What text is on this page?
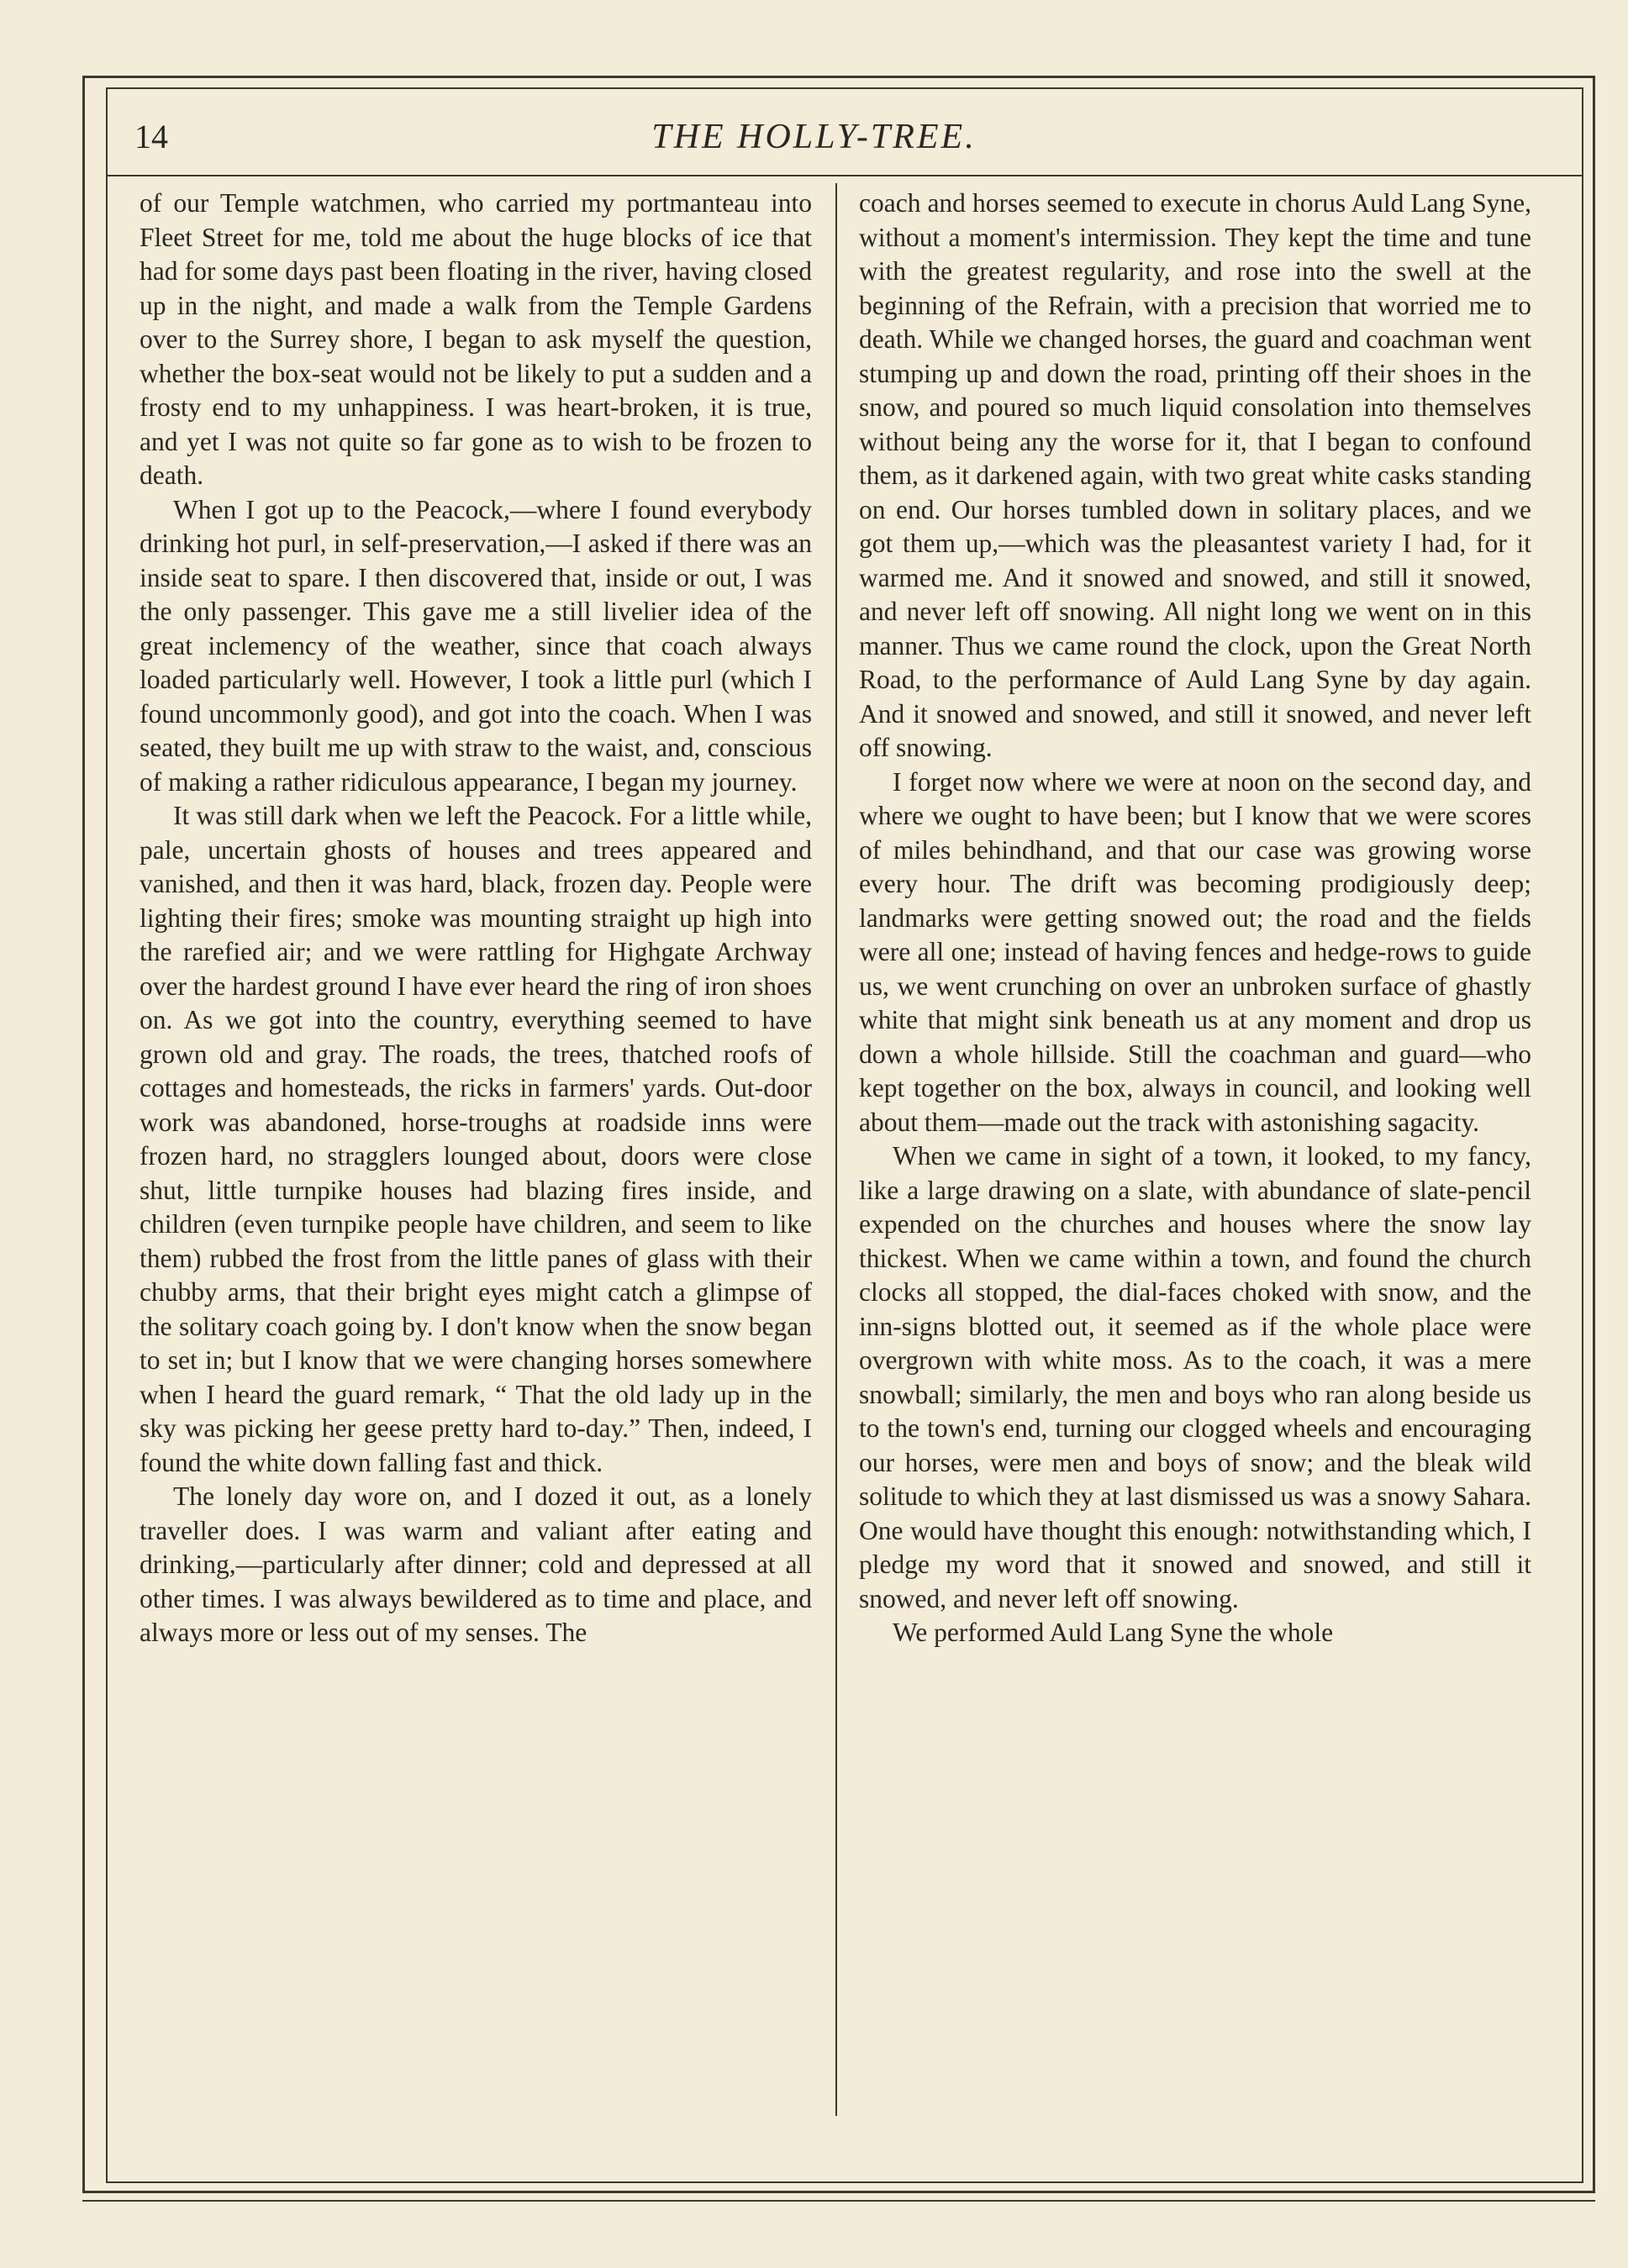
14	THE HOLLY-TREE.

of our Temple watchmen, who carried my portmanteau into Fleet Street for me, told me about the huge blocks of ice that had for some days past been floating in the river, having closed up in the night, and made a walk from the Temple Gardens over to the Surrey shore, I began to ask myself the question, whether the box-seat would not be likely to put a sudden and a frosty end to my unhappiness. I was heart-broken, it is true, and yet I was not quite so far gone as to wish to be frozen to death.

When I got up to the Peacock,—where I found everybody drinking hot purl, in self-preservation,—I asked if there was an inside seat to spare. I then discovered that, inside or out, I was the only passenger. This gave me a still livelier idea of the great inclemency of the weather, since that coach always loaded particularly well. However, I took a little purl (which I found uncommonly good), and got into the coach. When I was seated, they built me up with straw to the waist, and, conscious of making a rather ridiculous appearance, I began my journey.

It was still dark when we left the Peacock. For a little while, pale, uncertain ghosts of houses and trees appeared and vanished, and then it was hard, black, frozen day. People were lighting their fires; smoke was mounting straight up high into the rarefied air; and we were rattling for Highgate Archway over the hardest ground I have ever heard the ring of iron shoes on. As we got into the country, everything seemed to have grown old and gray. The roads, the trees, thatched roofs of cottages and homesteads, the ricks in farmers' yards. Out-door work was abandoned, horse-troughs at roadside inns were frozen hard, no stragglers lounged about, doors were close shut, little turnpike houses had blazing fires inside, and children (even turnpike people have children, and seem to like them) rubbed the frost from the little panes of glass with their chubby arms, that their bright eyes might catch a glimpse of the solitary coach going by. I don't know when the snow began to set in; but I know that we were changing horses somewhere when I heard the guard remark, “ That the old lady up in the sky was picking her geese pretty hard to-day.” Then, indeed, I found the white down falling fast and thick.

The lonely day wore on, and I dozed it out, as a lonely traveller does. I was warm and valiant after eating and drinking,—particularly after dinner; cold and depressed at all other times. I was always bewildered as to time and place, and always more or less out of my senses. The

coach and horses seemed to execute in chorus Auld Lang Syne, without a moment's intermission. They kept the time and tune with the greatest regularity, and rose into the swell at the beginning of the Refrain, with a precision that worried me to death. While we changed horses, the guard and coachman went stumping up and down the road, printing off their shoes in the snow, and poured so much liquid consolation into themselves without being any the worse for it, that I began to confound them, as it darkened again, with two great white casks standing on end. Our horses tumbled down in solitary places, and we got them up,—which was the pleasantest variety I had, for it warmed me. And it snowed and snowed, and still it snowed, and never left off snowing. All night long we went on in this manner. Thus we came round the clock, upon the Great North Road, to the performance of Auld Lang Syne by day again. And it snowed and snowed, and still it snowed, and never left off snowing.

I forget now where we were at noon on the second day, and where we ought to have been; but I know that we were scores of miles behindhand, and that our case was growing worse every hour. The drift was becoming prodigiously deep; landmarks were getting snowed out; the road and the fields were all one; instead of having fences and hedge-rows to guide us, we went crunching on over an unbroken surface of ghastly white that might sink beneath us at any moment and drop us down a whole hillside. Still the coachman and guard—who kept together on the box, always in council, and looking well about them—made out the track with astonishing sagacity.

When we came in sight of a town, it looked, to my fancy, like a large drawing on a slate, with abundance of slate-pencil expended on the churches and houses where the snow lay thickest. When we came within a town, and found the church clocks all stopped, the dial-faces choked with snow, and the inn-signs blotted out, it seemed as if the whole place were overgrown with white moss. As to the coach, it was a mere snowball; similarly, the men and boys who ran along beside us to the town's end, turning our clogged wheels and encouraging our horses, were men and boys of snow; and the bleak wild solitude to which they at last dismissed us was a snowy Sahara. One would have thought this enough: notwithstanding which, I pledge my word that it snowed and snowed, and still it snowed, and never left off snowing.

We performed Auld Lang Syne the whole
